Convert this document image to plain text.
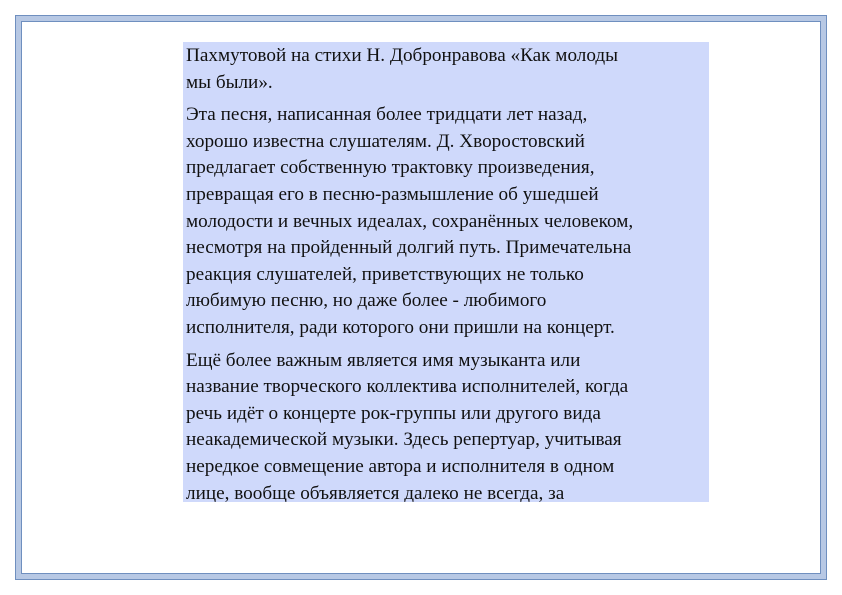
Пахмутовой на стихи Н. Добронравова «Как молоды
мы были».

Эта песня, написанная более тридцати лет назад,
хорошо известна слушателям. Д. Хворостовский
предлагает собственную трактовку произведения,
превращая его в песню-размышление об ушедшей
молодости и вечных идеалах, сохранённых человеком,
несмотря на пройденный долгий путь. Примечательна
реакция слушателей, приветствующих не только
любимую песню, но даже более - любимого
исполнителя, ради которого они пришли на концерт.

Ещё более важным является имя музыканта или
название творческого коллектива исполнителей, когда
речь идёт о концерте рок-группы или другого вида
неакадемической музыки. Здесь репертуар, учитывая
нередкое совмещение автора и исполнителя в одном
лице, вообще объявляется далеко не всегда, за
